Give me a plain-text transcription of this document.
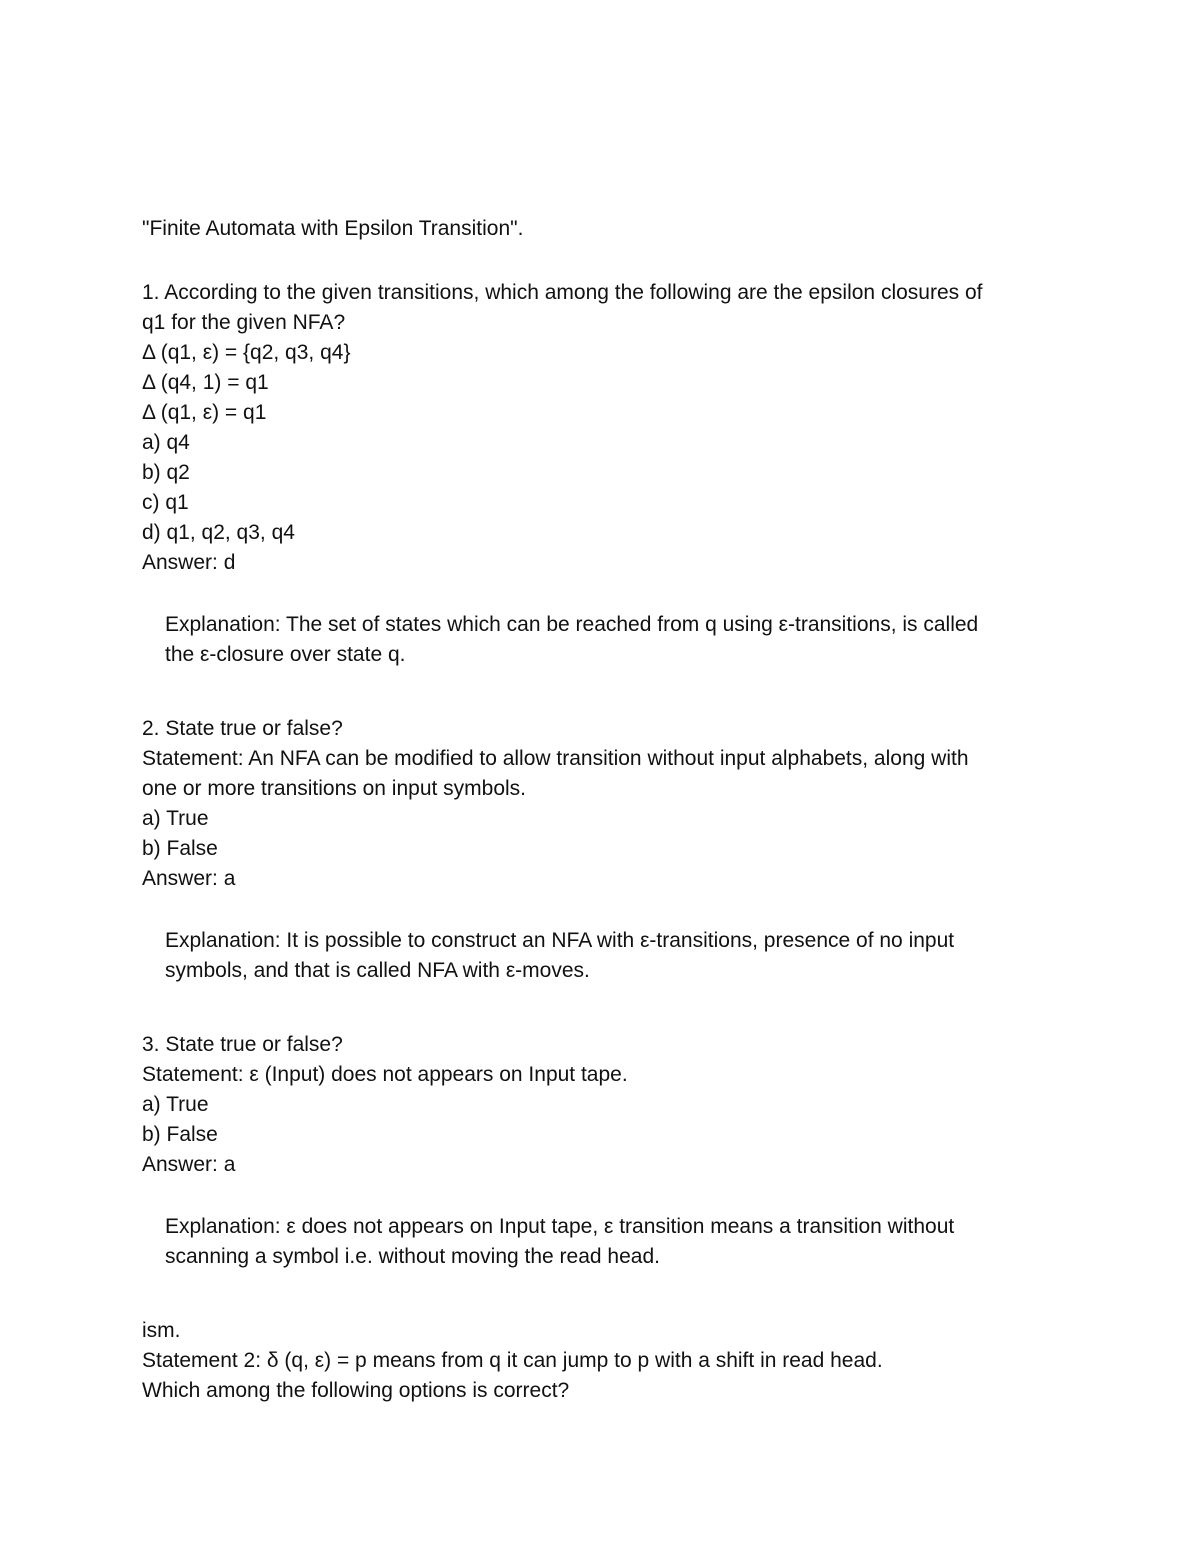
"Finite Automata with Epsilon Transition".
1. According to the given transitions, which among the following are the epsilon closures of
q1 for the given NFA?
Δ (q1, ε) = {q2, q3, q4}
Δ (q4, 1) = q1
Δ (q1, ε) = q1
a) q4
b) q2
c) q1
d) q1, q2, q3, q4
Answer: d
Explanation: The set of states which can be reached from q using ε-transitions, is called
the ε-closure over state q.
2. State true or false?
Statement: An NFA can be modified to allow transition without input alphabets, along with
one or more transitions on input symbols.
a) True
b) False
Answer: a
Explanation: It is possible to construct an NFA with ε-transitions, presence of no input
symbols, and that is called NFA with ε-moves.
3. State true or false?
Statement: ε (Input) does not appears on Input tape.
a) True
b) False
Answer: a
Explanation: ε does not appears on Input tape, ε transition means a transition without
scanning a symbol i.e. without moving the read head.
ism.
Statement 2: δ (q, ε) = p means from q it can jump to p with a shift in read head.
Which among the following options is correct?
